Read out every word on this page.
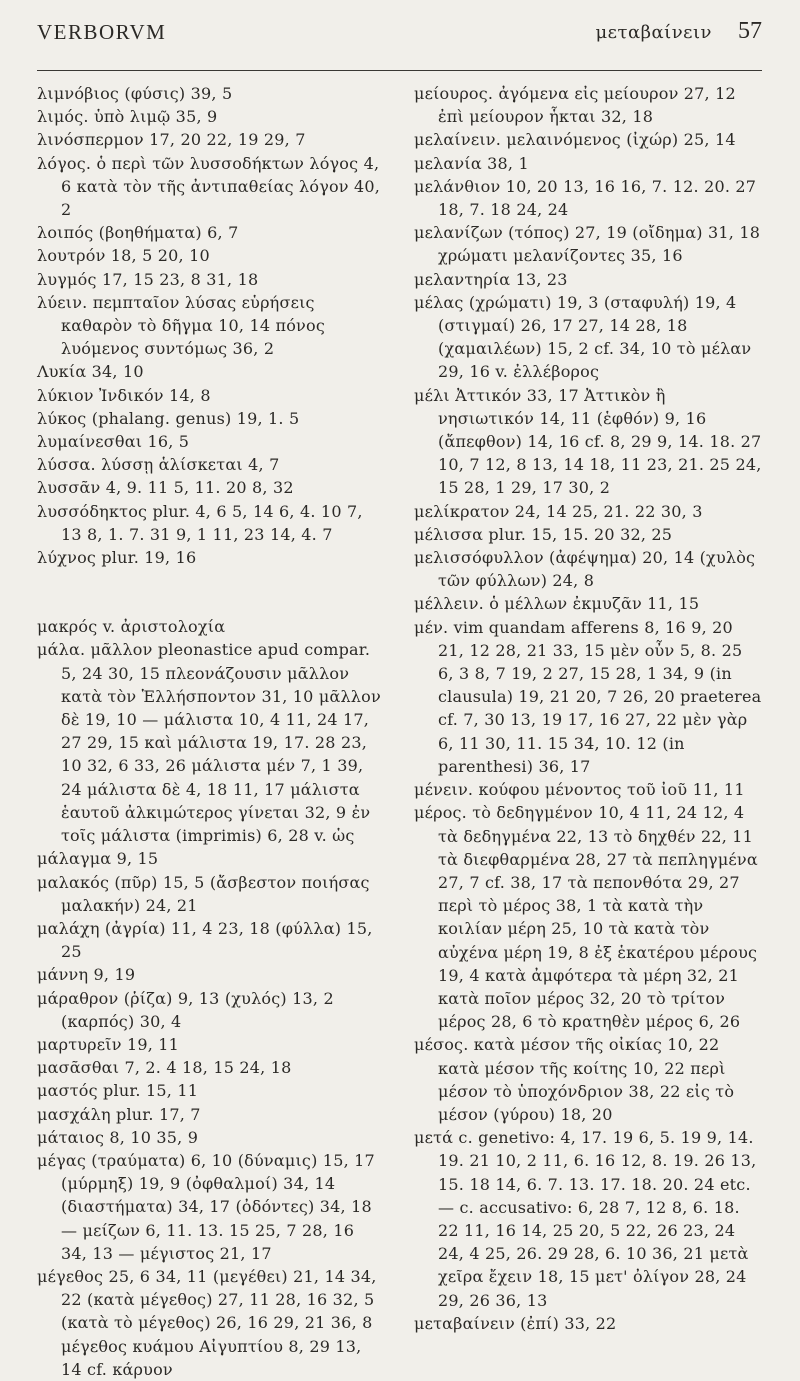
VERBORVM	μεταβαίνειν 57

λιμνόβιος (φύσις) 39, 5

λιμός. ὑπὸ λιμῷ 35, 9

λινόσπερμον 17, 20 22, 19 29, 7

λόγος. ὁ περὶ τῶν λυσσοδήκτων λόγος 4, 6 κατὰ τὸν τῆς ἀντιπαθείας λόγον 40, 2

λοιπός (βοηθήματα) 6, 7

λουτρόν 18, 5 20, 10

λυγμός 17, 15 23, 8 31, 18

λύειν. πεμπταῖον λύσας εὑρήσεις καθαρὸν τὸ δῆγμα 10, 14 πόνος λυόμενος συντόμως 36, 2

Λυκία 34, 10

λύκιον Ἰνδικόν 14, 8

λύκος (phalang. genus) 19, 1. 5

λυμαίνεσθαι 16, 5

λύσσα. λύσσῃ ἁλίσκεται 4, 7

λυσσᾶν 4, 9. 11 5, 11. 20 8, 32

λυσσόδηκτος plur. 4, 6 5, 14 6, 4. 10 7, 13 8, 1. 7. 31 9, 1 11, 23 14, 4. 7

λύχνος plur. 19, 16

μακρός v. ἀριστολοχία

μάλα. μᾶλλον pleonastice apud compar. 5, 24 30, 15 πλεονάζουσιν μᾶλλον κατὰ τὸν Ἑλλήσποντον 31, 10 μᾶλλον δὲ 19, 10 — μάλιστα 10, 4 11, 24 17, 27 29, 15 καὶ μάλιστα 19, 17. 28 23, 10 32, 6 33, 26 μάλιστα μέν 7, 1 39, 24 μάλιστα δὲ 4, 18 11, 17 μάλιστα ἑαυτοῦ ἀλκιμώτερος γίνεται 32, 9 ἐν τοῖς μάλιστα (imprimis) 6, 28 v. ὡς

μάλαγμα 9, 15

μαλακός (πῦρ) 15, 5 (ἄσβεστον ποιήσας μαλακήν) 24, 21

μαλάχη (ἀγρία) 11, 4 23, 18 (φύλλα) 15, 25

μάννη 9, 19

μάραθρον (ῥίζα) 9, 13 (χυλός) 13, 2 (καρπός) 30, 4

μαρτυρεῖν 19, 11

μασᾶσθαι 7, 2. 4 18, 15 24, 18

μαστός plur. 15, 11

μασχάλη plur. 17, 7

μάταιος 8, 10 35, 9

μέγας (τραύματα) 6, 10 (δύναμις) 15, 17 (μύρμηξ) 19, 9 (ὀφθαλμοί) 34, 14 (διαστήματα) 34, 17 (ὀδόντες) 34, 18 — μείζων 6, 11. 13. 15 25, 7 28, 16 34, 13 — μέγιστος 21, 17

μέγεθος 25, 6 34, 11 (μεγέθει) 21, 14 34, 22 (κατὰ μέγεθος) 27, 11 28, 16 32, 5 (κατὰ τὸ μέγεθος) 26, 16 29, 21 36, 8 μέγεθος κυάμου Αἰγυπτίου 8, 29 13, 14 cf. κάρυον

μείουρος. ἀγόμενα εἰς μείουρον 27, 12 ἐπὶ μείουρον ἧκται 32, 18

μελαίνειν. μελαινόμενος (ἰχώρ) 25, 14

μελανία 38, 1

μελάνθιον 10, 20 13, 16 16, 7. 12. 20. 27 18, 7. 18 24, 24

μελανίζων (τόπος) 27, 19 (οἴδημα) 31, 18 χρώματι μελανίζοντες 35, 16

μελαντηρία 13, 23

μέλας (χρώματι) 19, 3 (σταφυλή) 19, 4 (στιγμαί) 26, 17 27, 14 28, 18 (χαμαιλέων) 15, 2 cf. 34, 10 τὸ μέλαν 29, 16 v. ἐλλέβορος

μέλι Ἀττικόν 33, 17 Ἀττικὸν ἢ νησιωτικόν 14, 11 (ἑφθόν) 9, 16 (ἄπεφθον) 14, 16 cf. 8, 29 9, 14. 18. 27 10, 7 12, 8 13, 14 18, 11 23, 21. 25 24, 15 28, 1 29, 17 30, 2

μελίκρατον 24, 14 25, 21. 22 30, 3

μέλισσα plur. 15, 15. 20 32, 25

μελισσόφυλλον (ἀφέψημα) 20, 14 (χυλὸς τῶν φύλλων) 24, 8

μέλλειν. ὁ μέλλων ἐκμυζᾶν 11, 15

μέν. vim quandam afferens 8, 16 9, 20 21, 12 28, 21 33, 15 μὲν οὖν 5, 8. 25 6, 3 8, 7 19, 2 27, 15 28, 1 34, 9 (in clausula) 19, 21 20, 7 26, 20 praeterea cf. 7, 30 13, 19 17, 16 27, 22 μὲν γὰρ 6, 11 30, 11. 15 34, 10. 12 (in parenthesi) 36, 17

μένειν. κούφου μένοντος τοῦ ἰοῦ 11, 11

μέρος. τὸ δεδηγμένον 10, 4 11, 24 12, 4 τὰ δεδηγμένα 22, 13 τὸ δηχθέν 22, 11 τὰ διεφθαρμένα 28, 27 τὰ πεπληγμένα 27, 7 cf. 38, 17 τὰ πεπονθότα 29, 27 περὶ τὸ μέρος 38, 1 τὰ κατὰ τὴν κοιλίαν μέρη 25, 10 τὰ κατὰ τὸν αὐχένα μέρη 19, 8 ἐξ ἑκατέρου μέρους 19, 4 κατὰ ἀμφότερα τὰ μέρη 32, 21 κατὰ ποῖον μέρος 32, 20 τὸ τρίτον μέρος 28, 6 τὸ κρατηθὲν μέρος 6, 26

μέσος. κατὰ μέσον τῆς οἰκίας 10, 22 κατὰ μέσον τῆς κοίτης 10, 22 περὶ μέσον τὸ ὑποχόνδριον 38, 22 εἰς τὸ μέσον (γύρου) 18, 20

μετά c. genetivo: 4, 17. 19 6, 5. 19 9, 14. 19. 21 10, 2 11, 6. 16 12, 8. 19. 26 13, 15. 18 14, 6. 7. 13. 17. 18. 20. 24 etc. — c. accusativo: 6, 28 7, 12 8, 6. 18. 22 11, 16 14, 25 20, 5 22, 26 23, 24 24, 4 25, 26. 29 28, 6. 10 36, 21 μετὰ χεῖρα ἔχειν 18, 15 μετ' ὀλίγον 28, 24 29, 26 36, 13

μεταβαίνειν (ἐπί) 33, 22
